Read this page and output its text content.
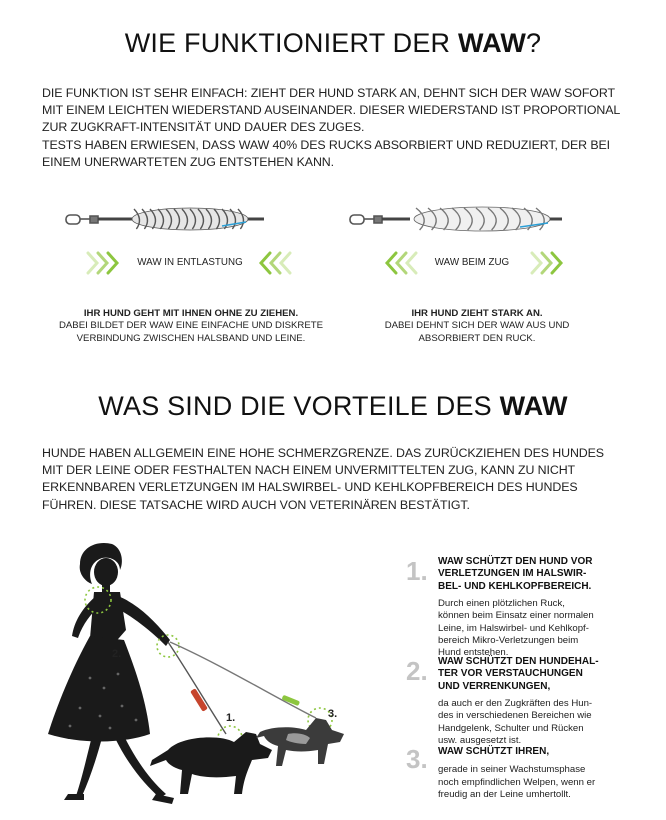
WIE FUNKTIONIERT DER WAW?
DIE FUNKTION IST SEHR EINFACH: ZIEHT DER HUND STARK AN, DEHNT SICH DER WAW SOFORT
MIT EINEM LEICHTEN WIEDERSTAND AUSEINANDER. DIESER WIEDERSTAND IST PROPORTIONAL
ZUR ZUGKRAFT-INTENSITÄT UND DAUER DES ZUGES.
TESTS HABEN ERWIESEN, DASS WAW 40% DES RUCKS ABSORBIERT UND REDUZIERT, DER BEI
EINEM UNERWARTETEN ZUG ENTSTEHEN KANN.
WAW IN ENTLASTUNG	WAW BEIM ZUG
IHR HUND GEHT MIT IHNEN OHNE ZU ZIEHEN.
DABEI BILDET DER WAW EINE EINFACHE UND DISKRETE
VERBINDUNG ZWISCHEN HALSBAND UND LEINE.
IHR HUND ZIEHT STARK AN.
DABEI DEHNT SICH DER WAW AUS UND
ABSORBIERT DEN RUCK.
WAS SIND DIE VORTEILE DES WAW
HUNDE HABEN ALLGEMEIN EINE HOHE SCHMERZGRENZE. DAS ZURÜCKZIEHEN DES HUNDES
MIT DER LEINE ODER FESTHALTEN NACH EINEM UNVERMITTELTEN ZUG, KANN ZU NICHT
ERKENNBAREN VERLETZUNGEN IM HALSWIRBEL- UND KEHLKOPFBEREICH DES HUNDES
FÜHREN. DIESE TATSACHE WIRD AUCH VON VETERINÄREN BESTÄTIGT.
2.
1.	3.
1.	WAW SCHÜTZT DEN HUND VOR
VERLETZUNGEN IM HALSWIR-
BEL- UND KEHLKOPFBEREICH.
Durch einen plötzlichen Ruck,
können beim Einsatz einer normalen
Leine, im Halswirbel- und Kehlkopf-
bereich Mikro-Verletzungen beim
Hund entstehen.
2.	WAW SCHÜTZT DEN HUNDEHAL-
TER VOR VERSTAUCHUNGEN
UND VERRENKUNGEN,
da auch er den Zugkräften des Hun-
des in verschiedenen Bereichen wie
Handgelenk, Schulter und Rücken
usw. ausgesetzt ist.
3.	WAW SCHÜTZT IHREN,
gerade in seiner Wachstumsphase
noch empfindlichen Welpen, wenn er
freudig an der Leine umhertollt.
